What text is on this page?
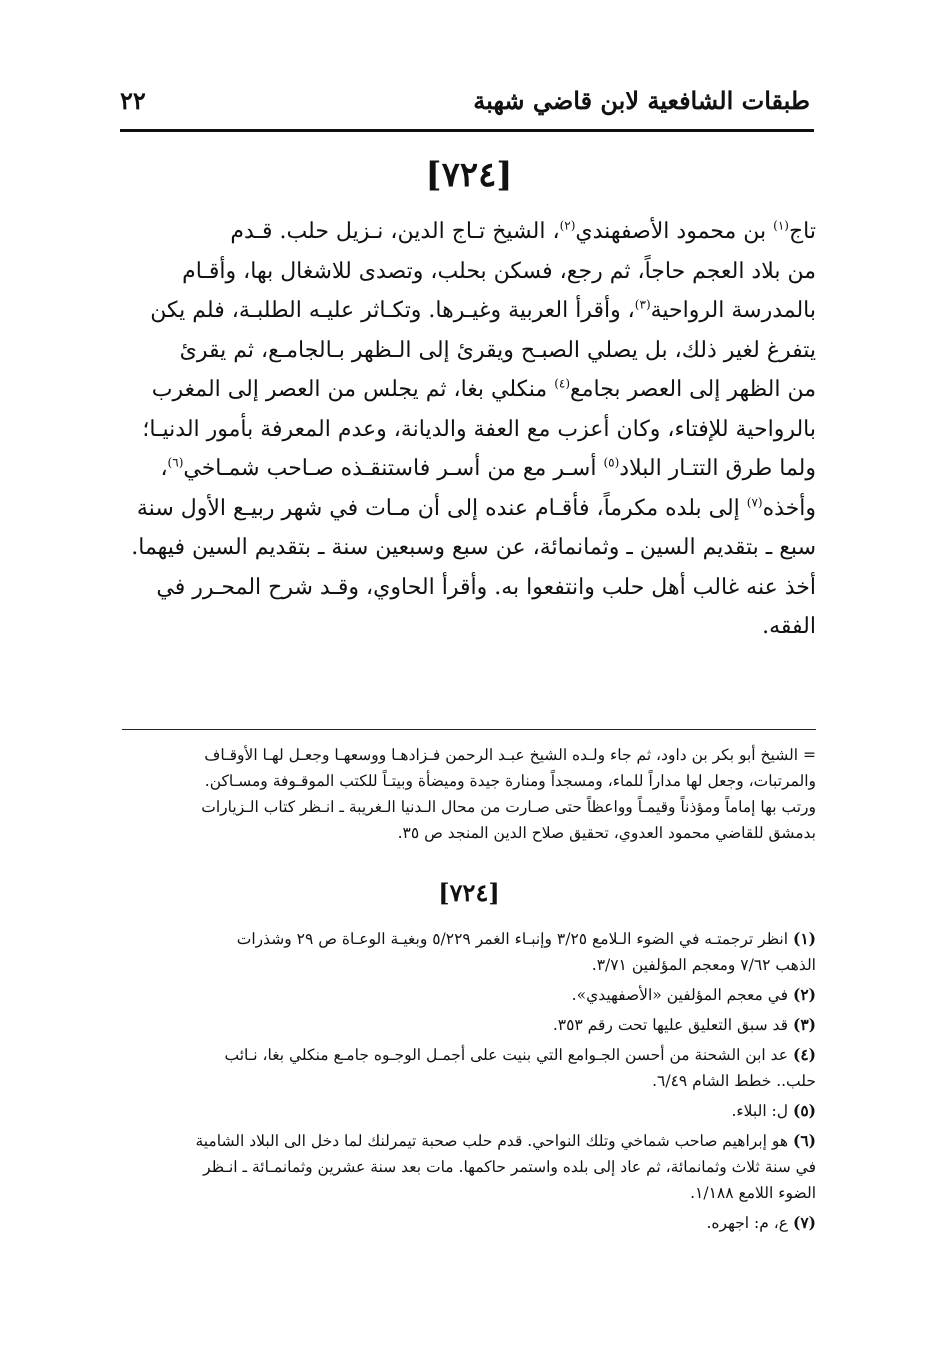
طبقات الشافعية لابن قاضي شهبة
٢٢
[٧٢٤]
تاج$^{(١)}$ بن محمود الأصفهندي$^{(٢)}$، الشيخ تـاج الدين، نـزيل حلب. قـدم
من بلاد العجم حاجاً، ثم رجع، فسكن بحلب، وتصدى للاشغال بها، وأقـام
بالمدرسة الرواحية$^{(٣)}$، وأقرأ العربية وغيـرها. وتكـاثر عليـه الطلبـة، فلم يكن
يتفرغ لغير ذلك، بل يصلي الصبـح ويقرئ إلى الـظهر بـالجامـع، ثم يقرئ
من الظهر إلى العصر بجامع$^{(٤)}$ منكلي بغا، ثم يجلس من العصر إلى المغرب
بالرواحية للإفتاء، وكان أعزب مع العفة والديانة، وعدم المعرفة بأمور الدنيـا؛
ولما طرق التتـار البلاد$^{(٥)}$ أسـر مع من أسـر فاستنقـذه صـاحب شمـاخي$^{(٦)}$،
وأخذه$^{(٧)}$ إلى بلده مكرماً، فأقـام عنده إلى أن مـات في شهر ربيـع الأول سنة
سبع ـ بتقديم السين ـ وثمانمائة، عن سبع وسبعين سنة ـ بتقديم السين فيهما.
أخذ عنه غالب أهل حلب وانتفعوا به. وأقرأ الحاوي، وقـد شرح المحـرر في
الفقه.
= الشيخ أبو بكر بن داود، ثم جاء ولـده الشيخ عبـد الرحمن فـزادهـا ووسعهـا وجعـل لهـا الأوقـاف
والمرتبات، وجعل لها مداراً للماء، ومسجداً ومنارة جيدة وميضأة وبيتـاً للكتب الموقـوفة ومسـاكن.
ورتب بها إماماً ومؤذناً وقيمـاً وواعظاً حتى صـارت من محال الـدنيا الـغريبة ـ انـظر كتاب الـزيارات
بدمشق للقاضي محمود العدوي، تحقيق صلاح الدين المنجد ص ٣٥.
[٧٢٤]
(١) انظر ترجمتـه في الضوء الـلامع ٣/٢٥ وإنبـاء الغمر ٥/٢٢٩ وبغيـة الوعـاة ص ٢٩ وشذرات
الذهب ٧/٦٢ ومعجم المؤلفين ٣/٧١.
(٢) في معجم المؤلفين «الأصفهيدي».
(٣) قد سبق التعليق عليها تحت رقم ٣٥٣.
(٤) عد ابن الشحنة من أحسن الجـوامع التي بنيت على أجمـل الوجـوه جامـع منكلي بغا، نـائب
حلب.. خطط الشام ٦/٤٩.
(٥) ل: البلاء.
(٦) هو إبراهيم صاحب شماخي وتلك النواحي. قدم حلب صحبة تيمرلنك لما دخل الى البلاد الشامية
في سنة ثلاث وثمانمائة، ثم عاد إلى بلده واستمر حاكمها. مات بعد سنة عشرين وثمانمـائة ـ انـظر
الضوء اللامع ١/١٨٨.
(٧) ع، م: اجهره.
